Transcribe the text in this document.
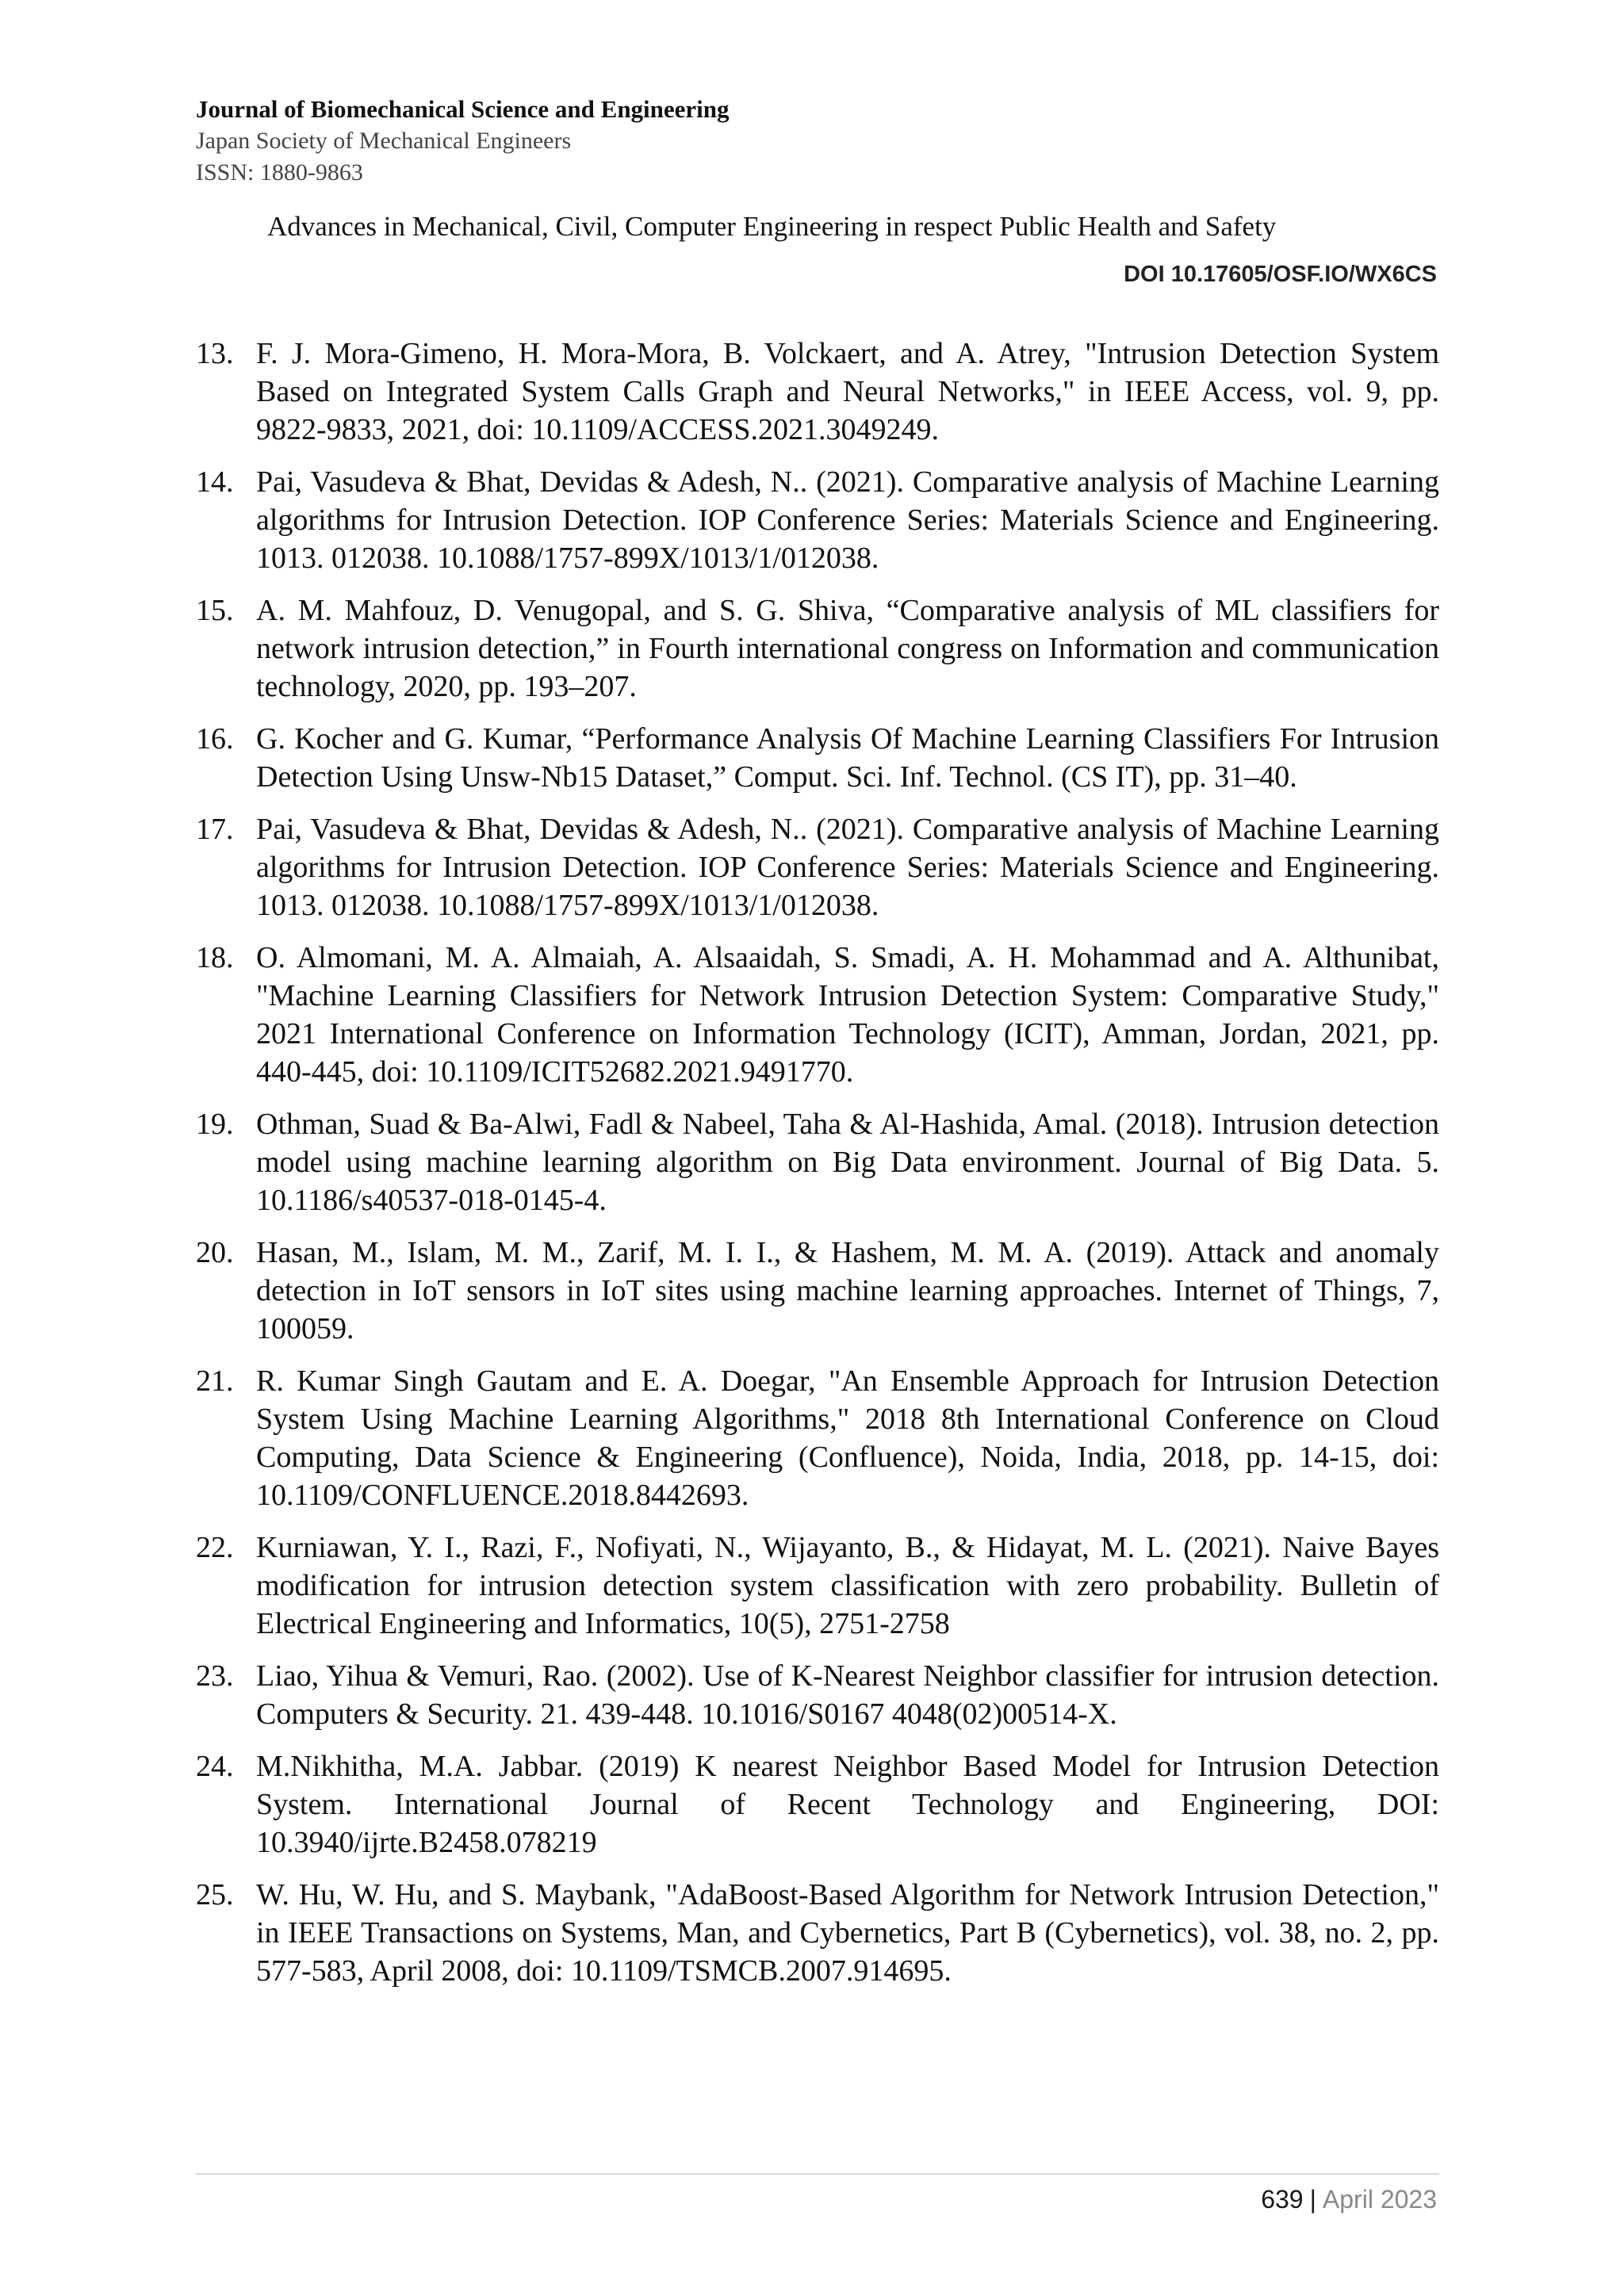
Journal of Biomechanical Science and Engineering
Japan Society of Mechanical Engineers
ISSN: 1880-9863
Advances in Mechanical, Civil, Computer Engineering in respect Public Health and Safety
DOI 10.17605/OSF.IO/WX6CS
13. F. J. Mora-Gimeno, H. Mora-Mora, B. Volckaert, and A. Atrey, "Intrusion Detection System Based on Integrated System Calls Graph and Neural Networks," in IEEE Access, vol. 9, pp. 9822-9833, 2021, doi: 10.1109/ACCESS.2021.3049249.
14. Pai, Vasudeva & Bhat, Devidas & Adesh, N.. (2021). Comparative analysis of Machine Learning algorithms for Intrusion Detection. IOP Conference Series: Materials Science and Engineering. 1013. 012038. 10.1088/1757-899X/1013/1/012038.
15. A. M. Mahfouz, D. Venugopal, and S. G. Shiva, “Comparative analysis of ML classifiers for network intrusion detection,” in Fourth international congress on Information and communication technology, 2020, pp. 193–207.
16. G. Kocher and G. Kumar, “Performance Analysis Of Machine Learning Classifiers For Intrusion Detection Using Unsw-Nb15 Dataset,” Comput. Sci. Inf. Technol. (CS IT), pp. 31–40.
17. Pai, Vasudeva & Bhat, Devidas & Adesh, N.. (2021). Comparative analysis of Machine Learning algorithms for Intrusion Detection. IOP Conference Series: Materials Science and Engineering. 1013. 012038. 10.1088/1757-899X/1013/1/012038.
18. O. Almomani, M. A. Almaiah, A. Alsaaidah, S. Smadi, A. H. Mohammad and A. Althunibat, "Machine Learning Classifiers for Network Intrusion Detection System: Comparative Study," 2021 International Conference on Information Technology (ICIT), Amman, Jordan, 2021, pp. 440-445, doi: 10.1109/ICIT52682.2021.9491770.
19. Othman, Suad & Ba‑Alwi, Fadl & Nabeel, Taha & Al‑Hashida, Amal. (2018). Intrusion detection model using machine learning algorithm on Big Data environment. Journal of Big Data. 5. 10.1186/s40537-018-0145-4.
20. Hasan, M., Islam, M. M., Zarif, M. I. I., & Hashem, M. M. A. (2019). Attack and anomaly detection in IoT sensors in IoT sites using machine learning approaches. Internet of Things, 7, 100059.
21. R. Kumar Singh Gautam and E. A. Doegar, "An Ensemble Approach for Intrusion Detection System Using Machine Learning Algorithms," 2018 8th International Conference on Cloud Computing, Data Science & Engineering (Confluence), Noida, India, 2018, pp. 14-15, doi: 10.1109/CONFLUENCE.2018.8442693.
22. Kurniawan, Y. I., Razi, F., Nofiyati, N., Wijayanto, B., & Hidayat, M. L. (2021). Naive Bayes modification for intrusion detection system classification with zero probability. Bulletin of Electrical Engineering and Informatics, 10(5), 2751-2758
23. Liao, Yihua & Vemuri, Rao. (2002). Use of K-Nearest Neighbor classifier for intrusion detection. Computers & Security. 21. 439-448. 10.1016/S0167 4048(02)00514-X.
24. M.Nikhitha, M.A. Jabbar. (2019) K nearest Neighbor Based Model for Intrusion Detection System. International Journal of Recent Technology and Engineering, DOI: 10.3940/ijrte.B2458.078219
25. W. Hu, W. Hu, and S. Maybank, "AdaBoost-Based Algorithm for Network Intrusion Detection," in IEEE Transactions on Systems, Man, and Cybernetics, Part B (Cybernetics), vol. 38, no. 2, pp. 577-583, April 2008, doi: 10.1109/TSMCB.2007.914695.
639 | April 2023
